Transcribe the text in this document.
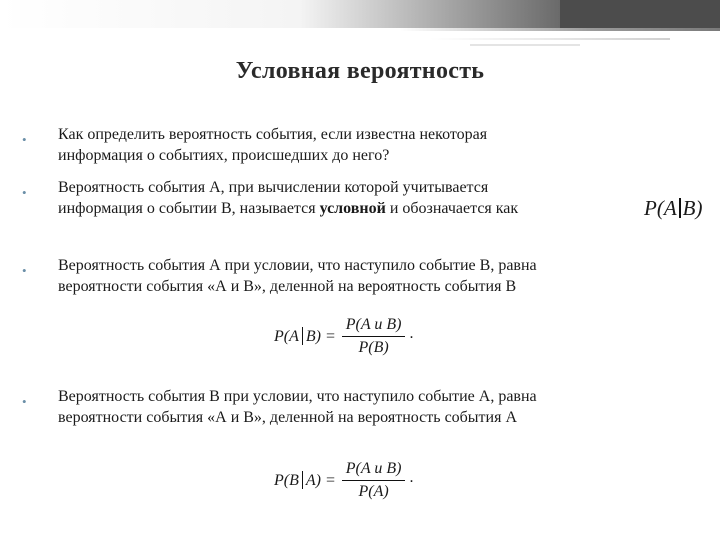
Условная вероятность
•	Как определить вероятность события, если известна некоторая
информация о событиях, происшедших до него?
•	Вероятность события А, при вычислении которой учитывается
информация о событии В, называется условной и обозначается как	P(A B)
•	Вероятность события А при условии, что наступило событие В, равна
вероятности события «А и В», деленной на вероятность события В
P(A $B) = \frac{\text{P(A и B)}}{P(B)}$ .
•	Вероятность события В при условии, что наступило событие А, равна
вероятности события «А и В», деленной на вероятность события А
P(B $A) = \frac{\text{P(A и B)}}{P(A)}$ .
